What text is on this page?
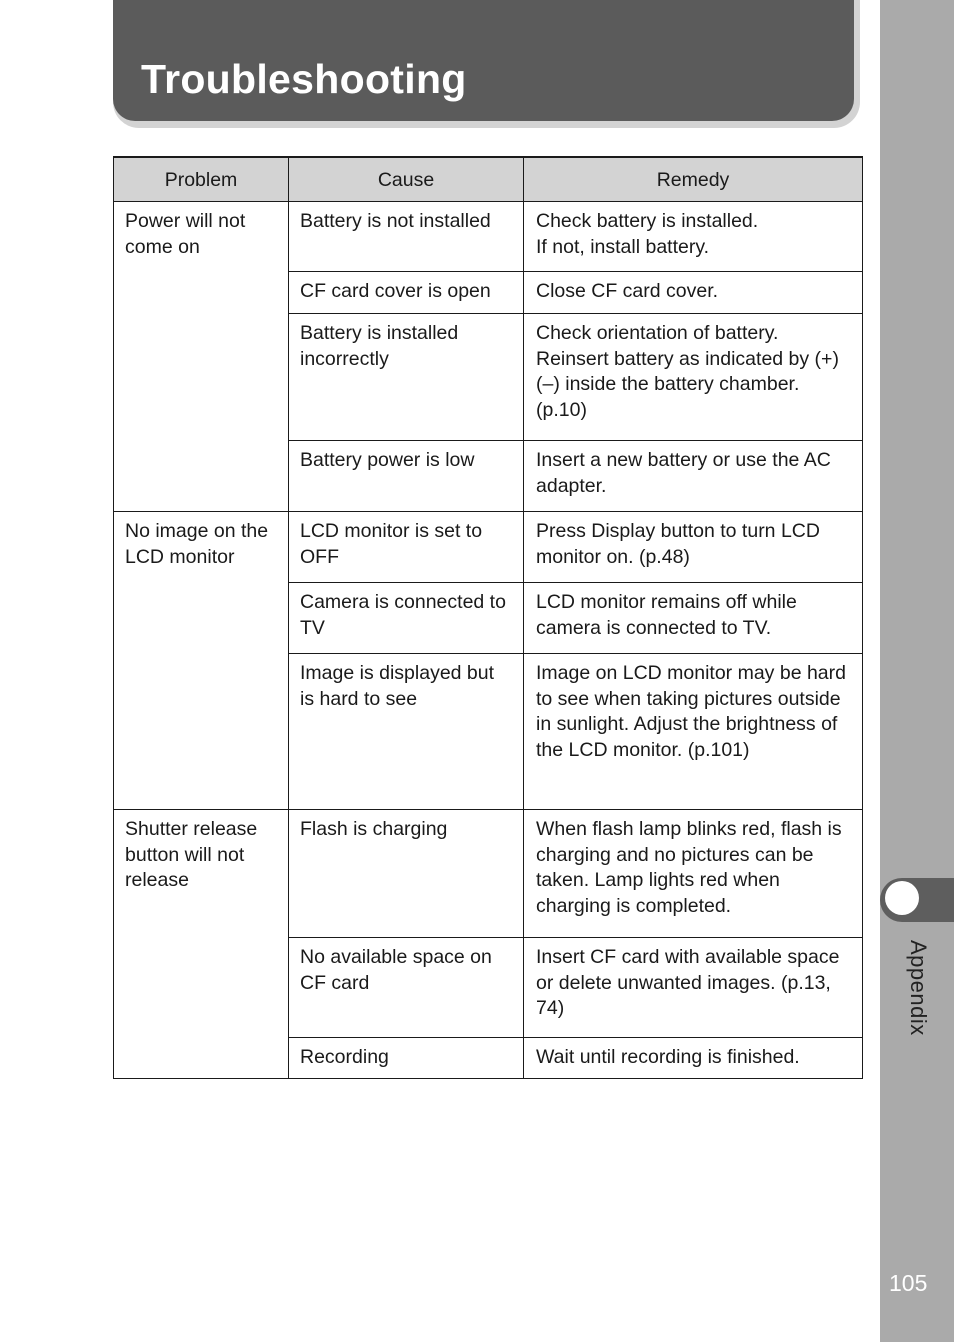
Troubleshooting
Appendix
105
Problem	Cause	Remedy
Power will not come on	Battery is not installed	Check battery is installed.
If not, install battery.

	CF card cover is open	Close CF card cover.
	Battery is installed incorrectly	Check orientation of battery. Reinsert battery as indicated by (+) (–) inside the battery chamber. (p.10)
	Battery power is low	Insert a new battery or use the AC adapter.
No image on the LCD monitor	LCD monitor is set to OFF	Press Display button to turn LCD monitor on. (p.48)
	Camera is connected to TV	LCD monitor remains off while camera is connected to TV.
	Image is displayed but is hard to see	Image on LCD monitor may be hard to see when taking pictures outside in sunlight. Adjust the brightness of the LCD monitor. (p.101)
Shutter release button will not release	Flash is charging	When flash lamp blinks red, flash is charging and no pictures can be taken. Lamp lights red when charging is completed.
	No available space on CF card	Insert CF card with available space or delete unwanted images. (p.13, 74)
	Recording	Wait until recording is finished.
